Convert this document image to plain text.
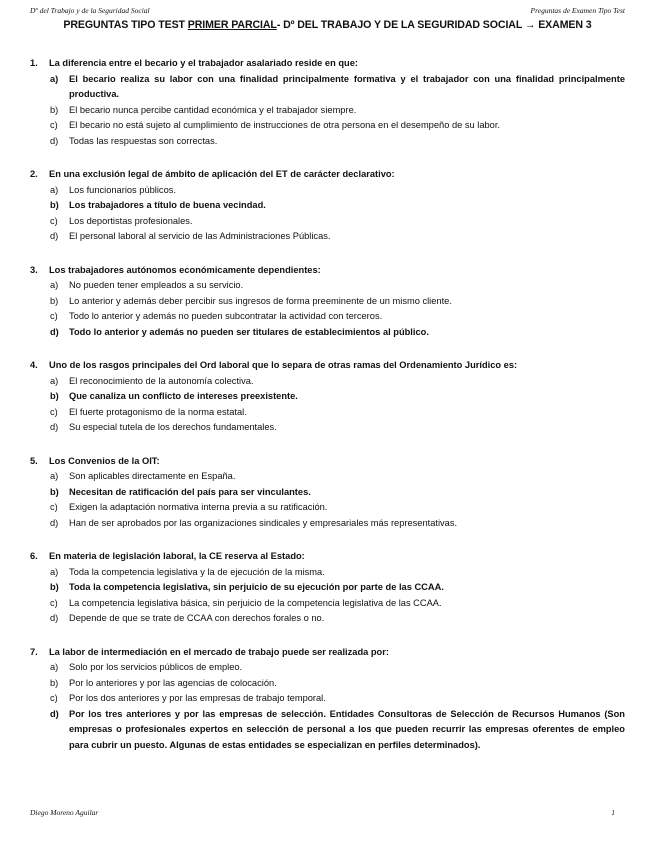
Dº del Trabajo y de la Seguridad Social	Preguntas de Examen Tipo Test
PREGUNTAS TIPO TEST PRIMER PARCIAL- Dº DEL TRABAJO Y DE LA SEGURIDAD SOCIAL → EXAMEN 3
1.	La diferencia entre el becario y el trabajador asalariado reside en que:
a)	El becario realiza su labor con una finalidad principalmente formativa y el trabajador con una finalidad principalmente productiva.
b)	El becario nunca percibe cantidad económica y el trabajador siempre.
c)	El becario no está sujeto al cumplimiento de instrucciones de otra persona en el desempeño de su labor.
d)	Todas las respuestas son correctas.
2.	En una exclusión legal de ámbito de aplicación del ET de carácter declarativo:
a)	Los funcionarios públicos.
b)	Los trabajadores a título de buena vecindad.
c)	Los deportistas profesionales.
d)	El personal laboral al servicio de las Administraciones Públicas.
3.	Los trabajadores autónomos económicamente dependientes:
a)	No pueden tener empleados a su servicio.
b)	Lo anterior y además deber percibir sus ingresos de forma preeminente de un mismo cliente.
c)	Todo lo anterior y además no pueden subcontratar la actividad con terceros.
d)	Todo lo anterior y además no pueden ser titulares de establecimientos al público.
4.	Uno de los rasgos principales del Ord laboral que lo separa de otras ramas del Ordenamiento Jurídico es:
a)	El reconocimiento de la autonomía colectiva.
b)	Que canaliza un conflicto de intereses preexistente.
c)	El fuerte protagonismo de la norma estatal.
d)	Su especial tutela de los derechos fundamentales.
5.	Los Convenios de la OIT:
a)	Son aplicables directamente en España.
b)	Necesitan de ratificación del país para ser vinculantes.
c)	Exigen la adaptación normativa interna previa a su ratificación.
d)	Han de ser aprobados por las organizaciones sindicales y empresariales más representativas.
6.	En materia de legislación laboral, la CE reserva al Estado:
a)	Toda la competencia legislativa y la de ejecución de la misma.
b)	Toda la competencia legislativa, sin perjuicio de su ejecución por parte de las CCAA.
c)	La competencia legislativa básica, sin perjuicio de la competencia legislativa de las CCAA.
d)	Depende de que se trate de CCAA con derechos forales o no.
7.	La labor de intermediación en el mercado de trabajo puede ser realizada por:
a)	Solo por los servicios públicos de empleo.
b)	Por lo anteriores y por las agencias de colocación.
c)	Por los dos anteriores y por las empresas de trabajo temporal.
d)	Por los tres anteriores y por las empresas de selección. Entidades Consultoras de Selección de Recursos Humanos (Son empresas o profesionales expertos en selección de personal a los que pueden recurrir las empresas oferentes de empleo para cubrir un puesto. Algunas de estas entidades se especializan en perfiles determinados).
Diego Moreno Aguilar	1
